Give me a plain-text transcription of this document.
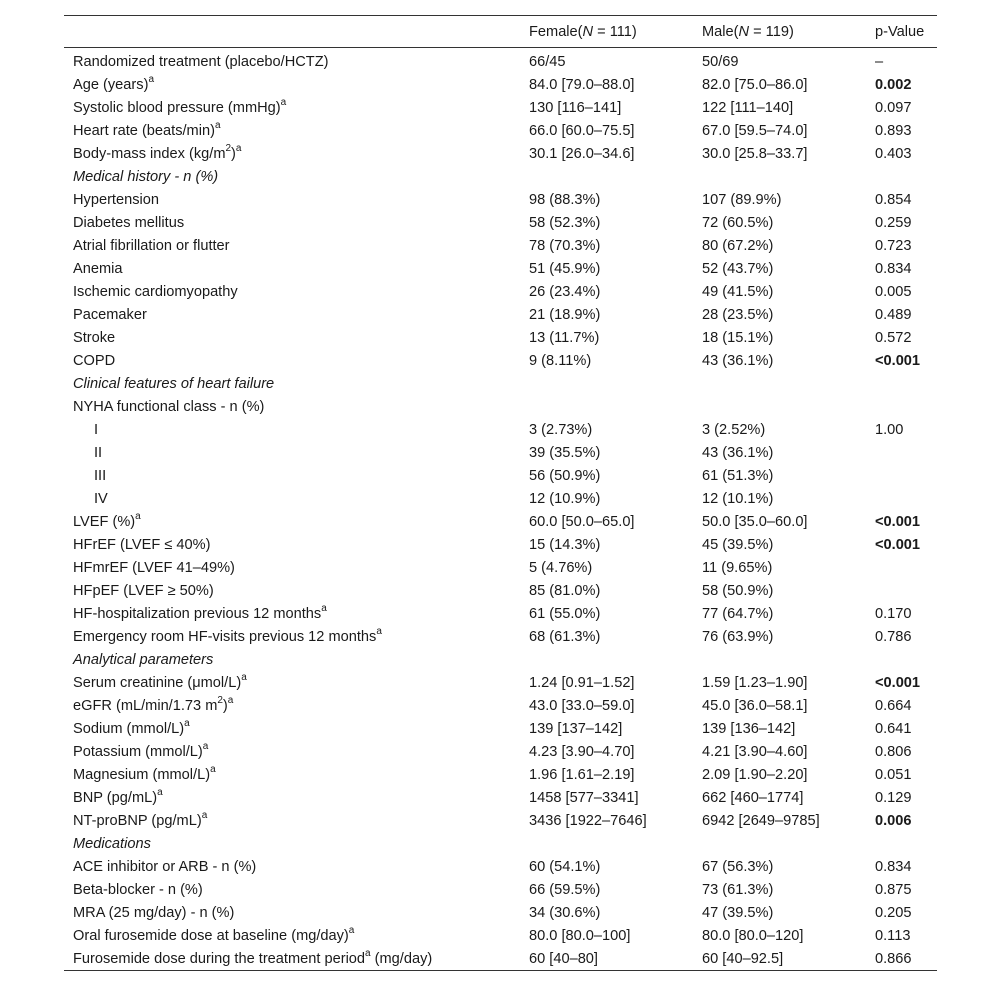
	Female(N = 111)	Male(N = 119)	p-Value
Randomized treatment (placebo/HCTZ)	66/45	50/69	–
Age (years)$^a$	84.0 [79.0–88.0]	82.0 [75.0–86.0]	0.002
Systolic blood pressure (mmHg)$^a$	130 [116–141]	122 [111–140]	0.097
Heart rate (beats/min)$^a$	66.0 [60.0–75.5]	67.0 [59.5–74.0]	0.893
Body-mass index $(kg/m^2)^a$	30.1 [26.0–34.6]	30.0 [25.8–33.7]	0.403
Medical history - n (%)			
Hypertension	98 (88.3%)	107 (89.9%)	0.854
Diabetes mellitus	58 (52.3%)	72 (60.5%)	0.259
Atrial fibrillation or flutter	78 (70.3%)	80 (67.2%)	0.723
Anemia	51 (45.9%)	52 (43.7%)	0.834
Ischemic cardiomyopathy	26 (23.4%)	49 (41.5%)	0.005
Pacemaker	21 (18.9%)	28 (23.5%)	0.489
Stroke	13 (11.7%)	18 (15.1%)	0.572
COPD	9 (8.11%)	43 (36.1%)	<0.001
Clinical features of heart failure			
NYHA functional class - n (%)			
I	3 (2.73%)	3 (2.52%)	1.00
II	39 (35.5%)	43 (36.1%)	
III	56 (50.9%)	61 (51.3%)	
IV	12 (10.9%)	12 (10.1%)	
LVEF (%)$^a$	60.0 [50.0–65.0]	50.0 [35.0–60.0]	<0.001
HFrEF (LVEF ≤ 40%)	15 (14.3%)	45 (39.5%)	<0.001
HFmrEF (LVEF 41–49%)	5 (4.76%)	11 (9.65%)	
HFpEF (LVEF ≥ 50%)	85 (81.0%)	58 (50.9%)	
HF-hospitalization previous 12 months$^a$	61 (55.0%)	77 (64.7%)	0.170
Emergency room HF-visits previous 12 months$^a$	68 (61.3%)	76 (63.9%)	0.786
Analytical parameters			
Serum creatinine $(\mu mol/L)^a$	1.24 [0.91–1.52]	1.59 [1.23–1.90]	<0.001
eGFR (mL/min/1.73 $m^2)^a$	43.0 [33.0–59.0]	45.0 [36.0–58.1]	0.664
Sodium (mmol/L)$^a$	139 [137–142]	139 [136–142]	0.641
Potassium (mmol/L)$^a$	4.23 [3.90–4.70]	4.21 [3.90–4.60]	0.806
Magnesium (mmol/L)$^a$	1.96 [1.61–2.19]	2.09 [1.90–2.20]	0.051
BNP $(pg/mL)^a$	1458 [577–3341]	662 [460–1774]	0.129
NT-proBNP $(pg/mL)^a$	3436 [1922–7646]	6942 [2649–9785]	0.006
Medications			
ACE inhibitor or ARB - n (%)	60 (54.1%)	67 (56.3%)	0.834
Beta-blocker - n (%)	66 (59.5%)	73 (61.3%)	0.875
MRA (25 mg/day) - n (%)	34 (30.6%)	47 (39.5%)	0.205
Oral furosemide dose at baseline $(mg/day)^a$	80.0 [80.0–100]	80.0 [80.0–120]	0.113
Furosemide dose during the treatment period$^a$ (mg/day)	60 [40–80]	60 [40–92.5]	0.866
